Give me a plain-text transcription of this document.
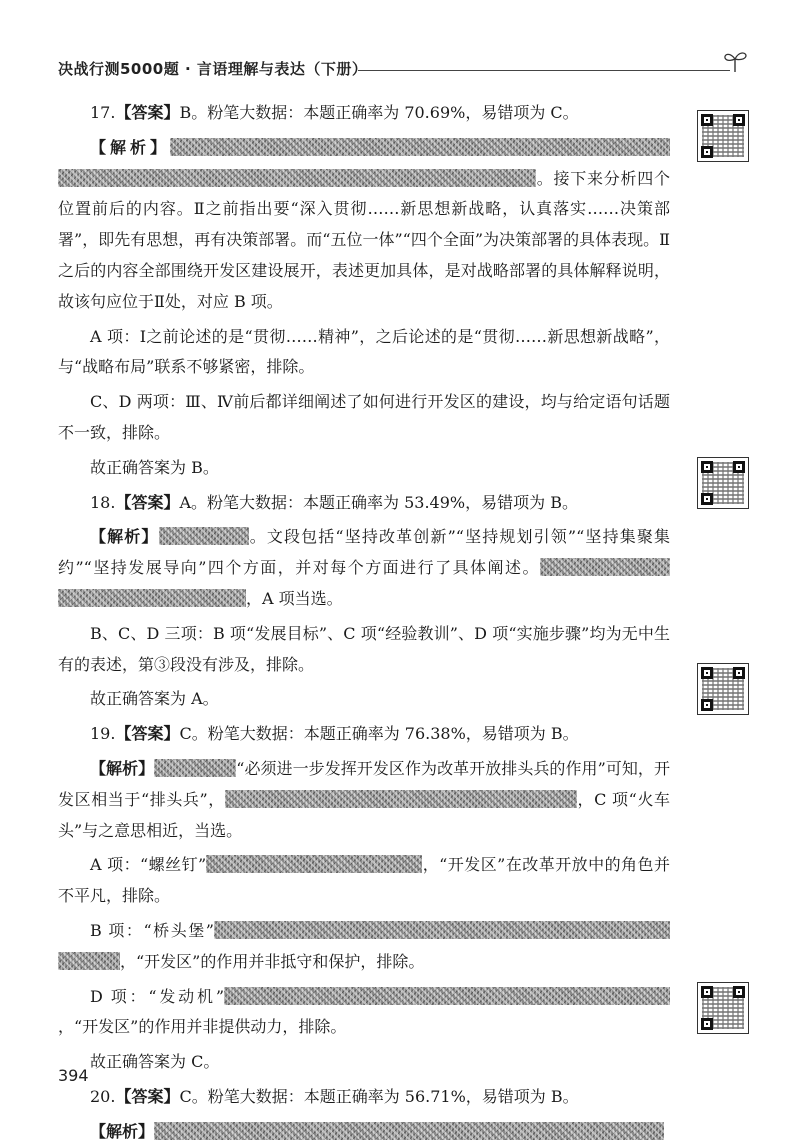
决战行测5000题 · 言语理解与表达（下册）

17.【答案】B。粉笔大数据：本题正确率为 70.69%，易错项为 C。

【解析】。接下来分析四个位置前后的内容。Ⅱ之前指出要“深入贯彻……新思想新战略，认真落实……决策部署”，即先有思想，再有决策部署。而“五位一体”“四个全面”为决策部署的具体表现。Ⅱ之后的内容全部围绕开发区建设展开，表述更加具体，是对战略部署的具体解释说明，故该句应位于Ⅱ处，对应 B 项。

A 项：Ⅰ之前论述的是“贯彻……精神”，之后论述的是“贯彻……新思想新战略”，与“战略布局”联系不够紧密，排除。

C、D 两项：Ⅲ、Ⅳ前后都详细阐述了如何进行开发区的建设，均与给定语句话题不一致，排除。

故正确答案为 B。

18.【答案】A。粉笔大数据：本题正确率为 53.49%，易错项为 B。

【解析】	。文段包括“坚持改革创新”“坚持规划引领”“坚持集聚集约”“坚持发展导向”四个方面，并对每个方面进行了具体阐述。，A 项当选。

B、C、D 三项：B 项“发展目标”、C 项“经验教训”、D 项“实施步骤”均为无中生有的表述，第③段没有涉及，排除。

故正确答案为 A。

19.【答案】C。粉笔大数据：本题正确率为 76.38%，易错项为 B。

【解析】	“必须进一步发挥开发区作为改革开放排头兵的作用”可知，开发区相当于“排头兵”，	，C 项“火车头”与之意思相近，当选。

A 项：“螺丝钉”	，“开发区”在改革开放中的角色并不平凡，排除。

B 项：“桥头堡”，“开发区”的作用并非抵守和保护，排除。

D 项：“发动机”，“开发区”的作用并非提供动力，排除。

故正确答案为 C。

20.【答案】C。粉笔大数据：本题正确率为 56.71%，易错项为 B。

【解析】

394
